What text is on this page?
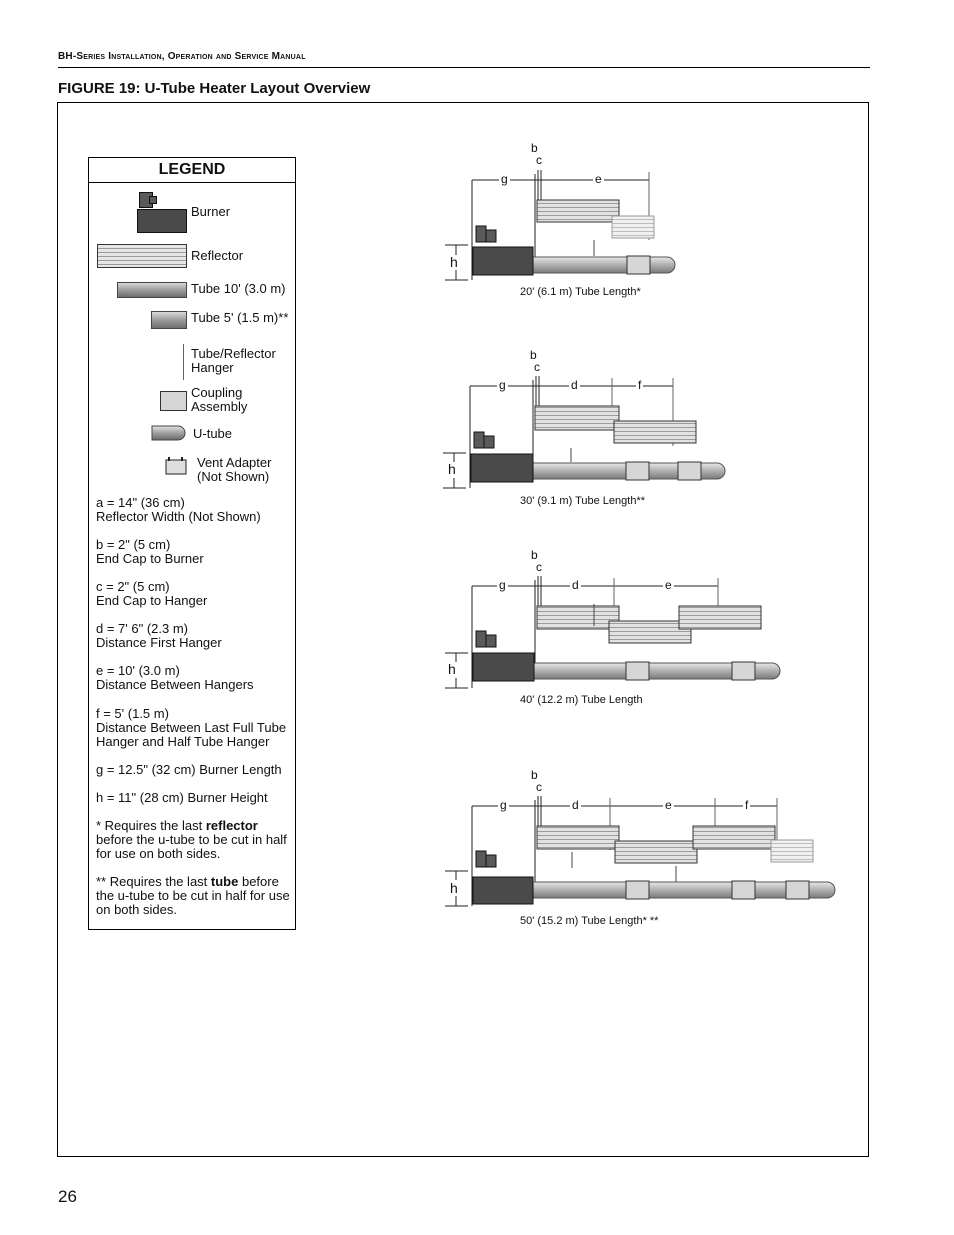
BH-Series Installation, Operation and Service Manual
FIGURE 19: U-Tube Heater Layout Overview
LEGEND
Burner
Reflector
Tube 10' (3.0 m)
Tube 5' (1.5 m)**
Tube/Reflector
Hanger
Coupling
Assembly
U-tube
Vent Adapter
(Not Shown)
a = 14" (36 cm)
Reflector Width (Not Shown)
b = 2" (5 cm)
End Cap to Burner
c = 2" (5 cm)
End Cap to Hanger
d = 7' 6" (2.3 m)
Distance First Hanger
e = 10' (3.0 m)
Distance Between Hangers
f = 5' (1.5 m)
Distance Between Last Full Tube
Hanger and Half Tube Hanger
g = 12.5" (32 cm) Burner Length
h = 11" (28 cm) Burner Height
* Requires the last reflector before the u-tube to be cut in half for use on both sides.
** Requires the last tube before the u-tube to be cut in half for use on both sides.
b
c
g	e
h
20' (6.1 m) Tube Length*
b
c
g	d	f
h
30' (9.1 m) Tube Length**
b
c
g	d	e
h
40' (12.2 m) Tube Length
b
c
g	d	e	f
h
50' (15.2 m) Tube Length* **
26
